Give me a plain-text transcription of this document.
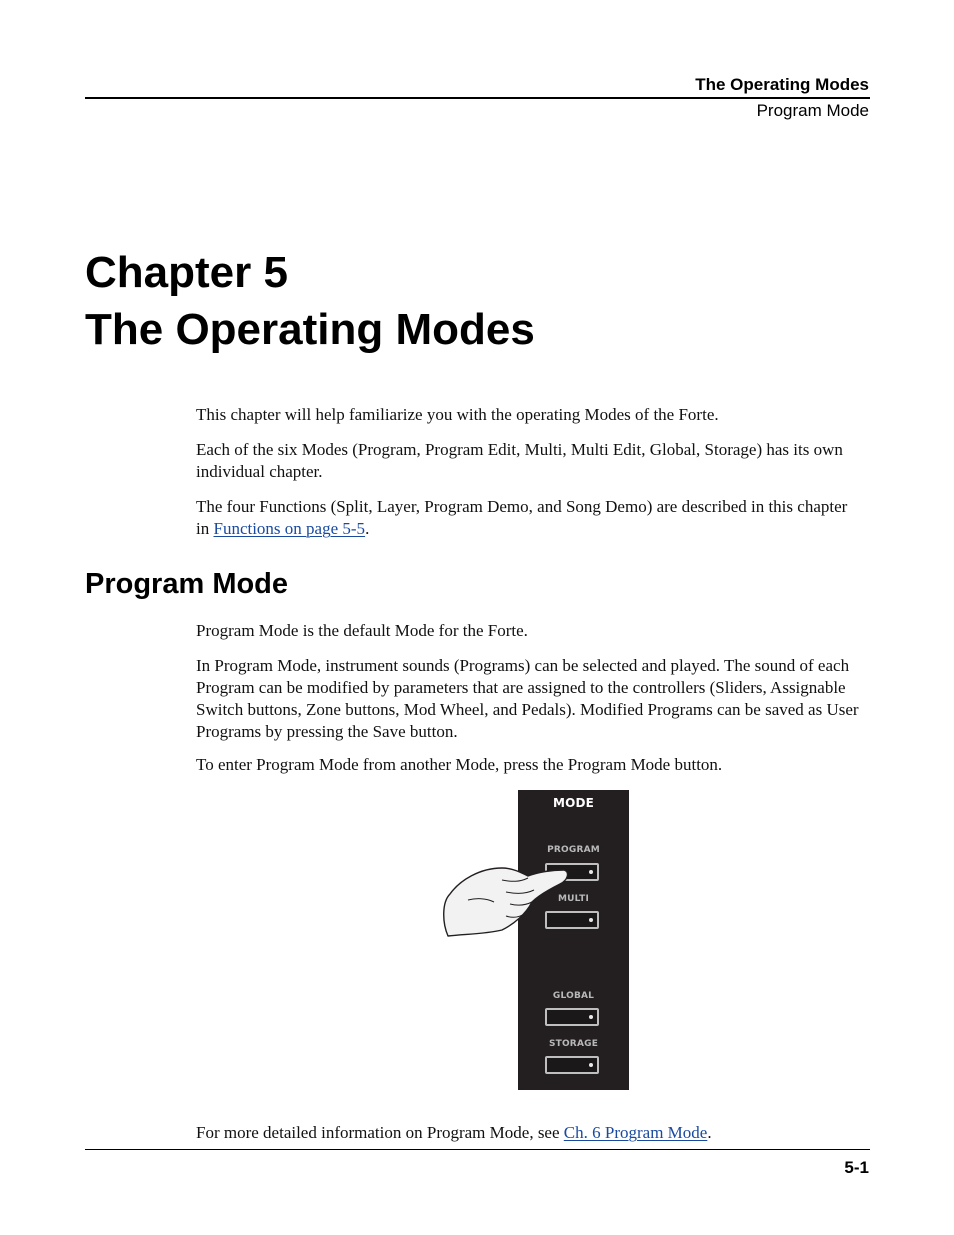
The Operating Modes
Program Mode
Chapter 5
The Operating Modes

This chapter will help familiarize you with the operating Modes of the Forte.

Each of the six Modes (Program, Program Edit, Multi, Multi Edit, Global, Storage) has its own individual chapter.

The four Functions (Split, Layer, Program Demo, and Song Demo) are described in this chapter in Functions on page 5-5.

Program Mode

Program Mode is the default Mode for the Forte.

In Program Mode, instrument sounds (Programs) can be selected and played. The sound of each Program can be modified by parameters that are assigned to the controllers (Sliders, Assignable Switch buttons, Zone buttons, Mod Wheel, and Pedals). Modified Programs can be saved as User Programs by pressing the Save button.

To enter Program Mode from another Mode, press the Program Mode button.

MODE
PROGRAM
MULTI
GLOBAL
STORAGE

For more detailed information on Program Mode, see Ch. 6 Program Mode.

5-1
